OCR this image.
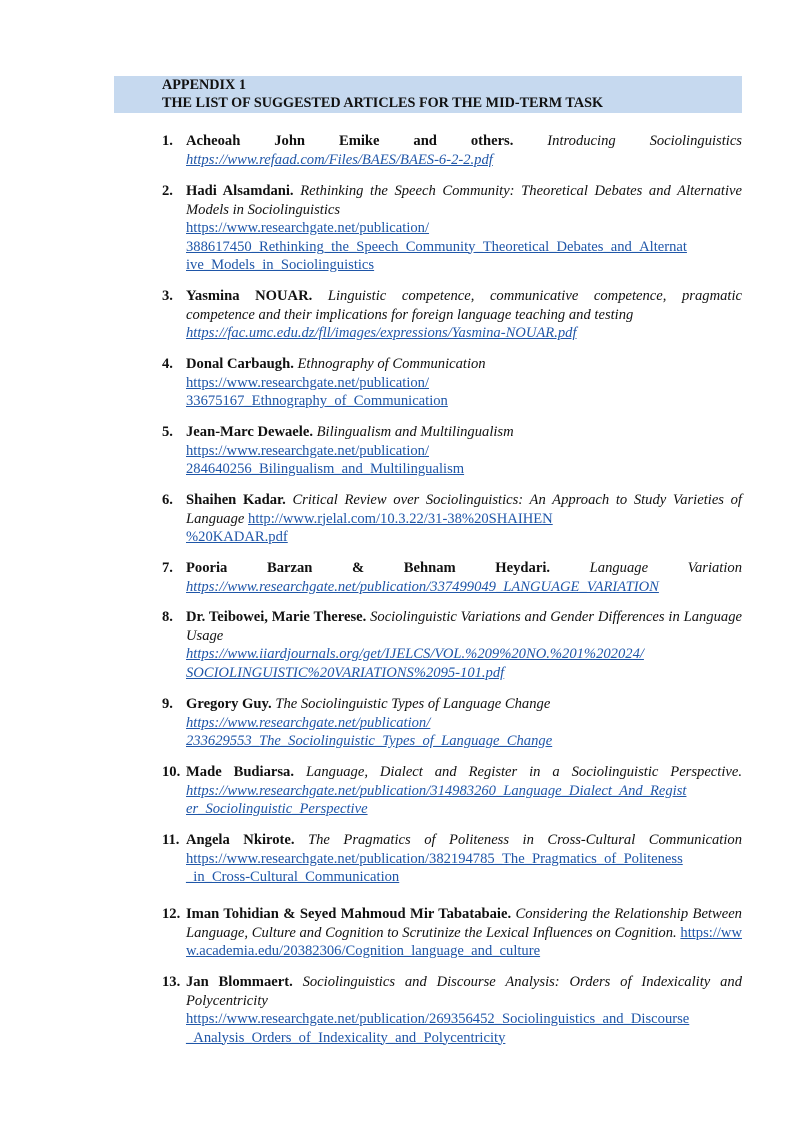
APPENDIX 1
THE LIST OF SUGGESTED ARTICLES FOR THE MID-TERM TASK
1. Acheoah John Emike and others. Introducing Sociolinguistics
https://www.refaad.com/Files/BAES/BAES-6-2-2.pdf
2. Hadi Alsamdani. Rethinking the Speech Community: Theoretical Debates and Alternative Models in Sociolinguistics
https://www.researchgate.net/publication/
388617450_Rethinking_the_Speech_Community_Theoretical_Debates_and_Alternat
ive_Models_in_Sociolinguistics
3. Yasmina NOUAR. Linguistic competence, communicative competence, pragmatic competence and their implications for foreign language teaching and testing
https://fac.umc.edu.dz/fll/images/expressions/Yasmina-NOUAR.pdf
4. Donal Carbaugh. Ethnography of Communication
https://www.researchgate.net/publication/
33675167_Ethnography_of_Communication
5. Jean-Marc Dewaele. Bilingualism and Multilingualism
https://www.researchgate.net/publication/
284640256_Bilingualism_and_Multilingualism
6. Shaihen Kadar. Critical Review over Sociolinguistics: An Approach to Study Varieties of Language http://www.rjelal.com/10.3.22/31-38%20SHAIHEN
%20KADAR.pdf
7. Pooria Barzan & Behnam Heydari.	Language Variation
https://www.researchgate.net/publication/337499049_LANGUAGE_VARIATION
8. Dr. Teibowei, Marie Therese. Sociolinguistic Variations and Gender Differences in Language Usage
https://www.iiardjournals.org/get/IJELCS/VOL.%209%20NO.%201%202024/
SOCIOLINGUISTIC%20VARIATIONS%2095-101.pdf
9. Gregory Guy. The Sociolinguistic Types of Language Change
https://www.researchgate.net/publication/
233629553_The_Sociolinguistic_Types_of_Language_Change
10. Made Budiarsa. Language, Dialect and Register in a Sociolinguistic Perspective.
https://www.researchgate.net/publication/314983260_Language_Dialect_And_Regist
er_Sociolinguistic_Perspective
11. Angela Nkirote. The Pragmatics of Politeness in Cross-Cultural Communication
https://www.researchgate.net/publication/382194785_The_Pragmatics_of_Politeness
_in_Cross-Cultural_Communication
12. Iman Tohidian & Seyed Mahmoud Mir Tabatabaie. Considering the Relationship Between Language, Culture and Cognition to Scrutinize the Lexical Influences on Cognition. https://www.academia.edu/20382306/Cognition_language_and_culture
13. Jan Blommaert. Sociolinguistics and Discourse Analysis: Orders of Indexicality and Polycentricity
https://www.researchgate.net/publication/269356452_Sociolinguistics_and_Discourse
_Analysis_Orders_of_Indexicality_and_Polycentricity
